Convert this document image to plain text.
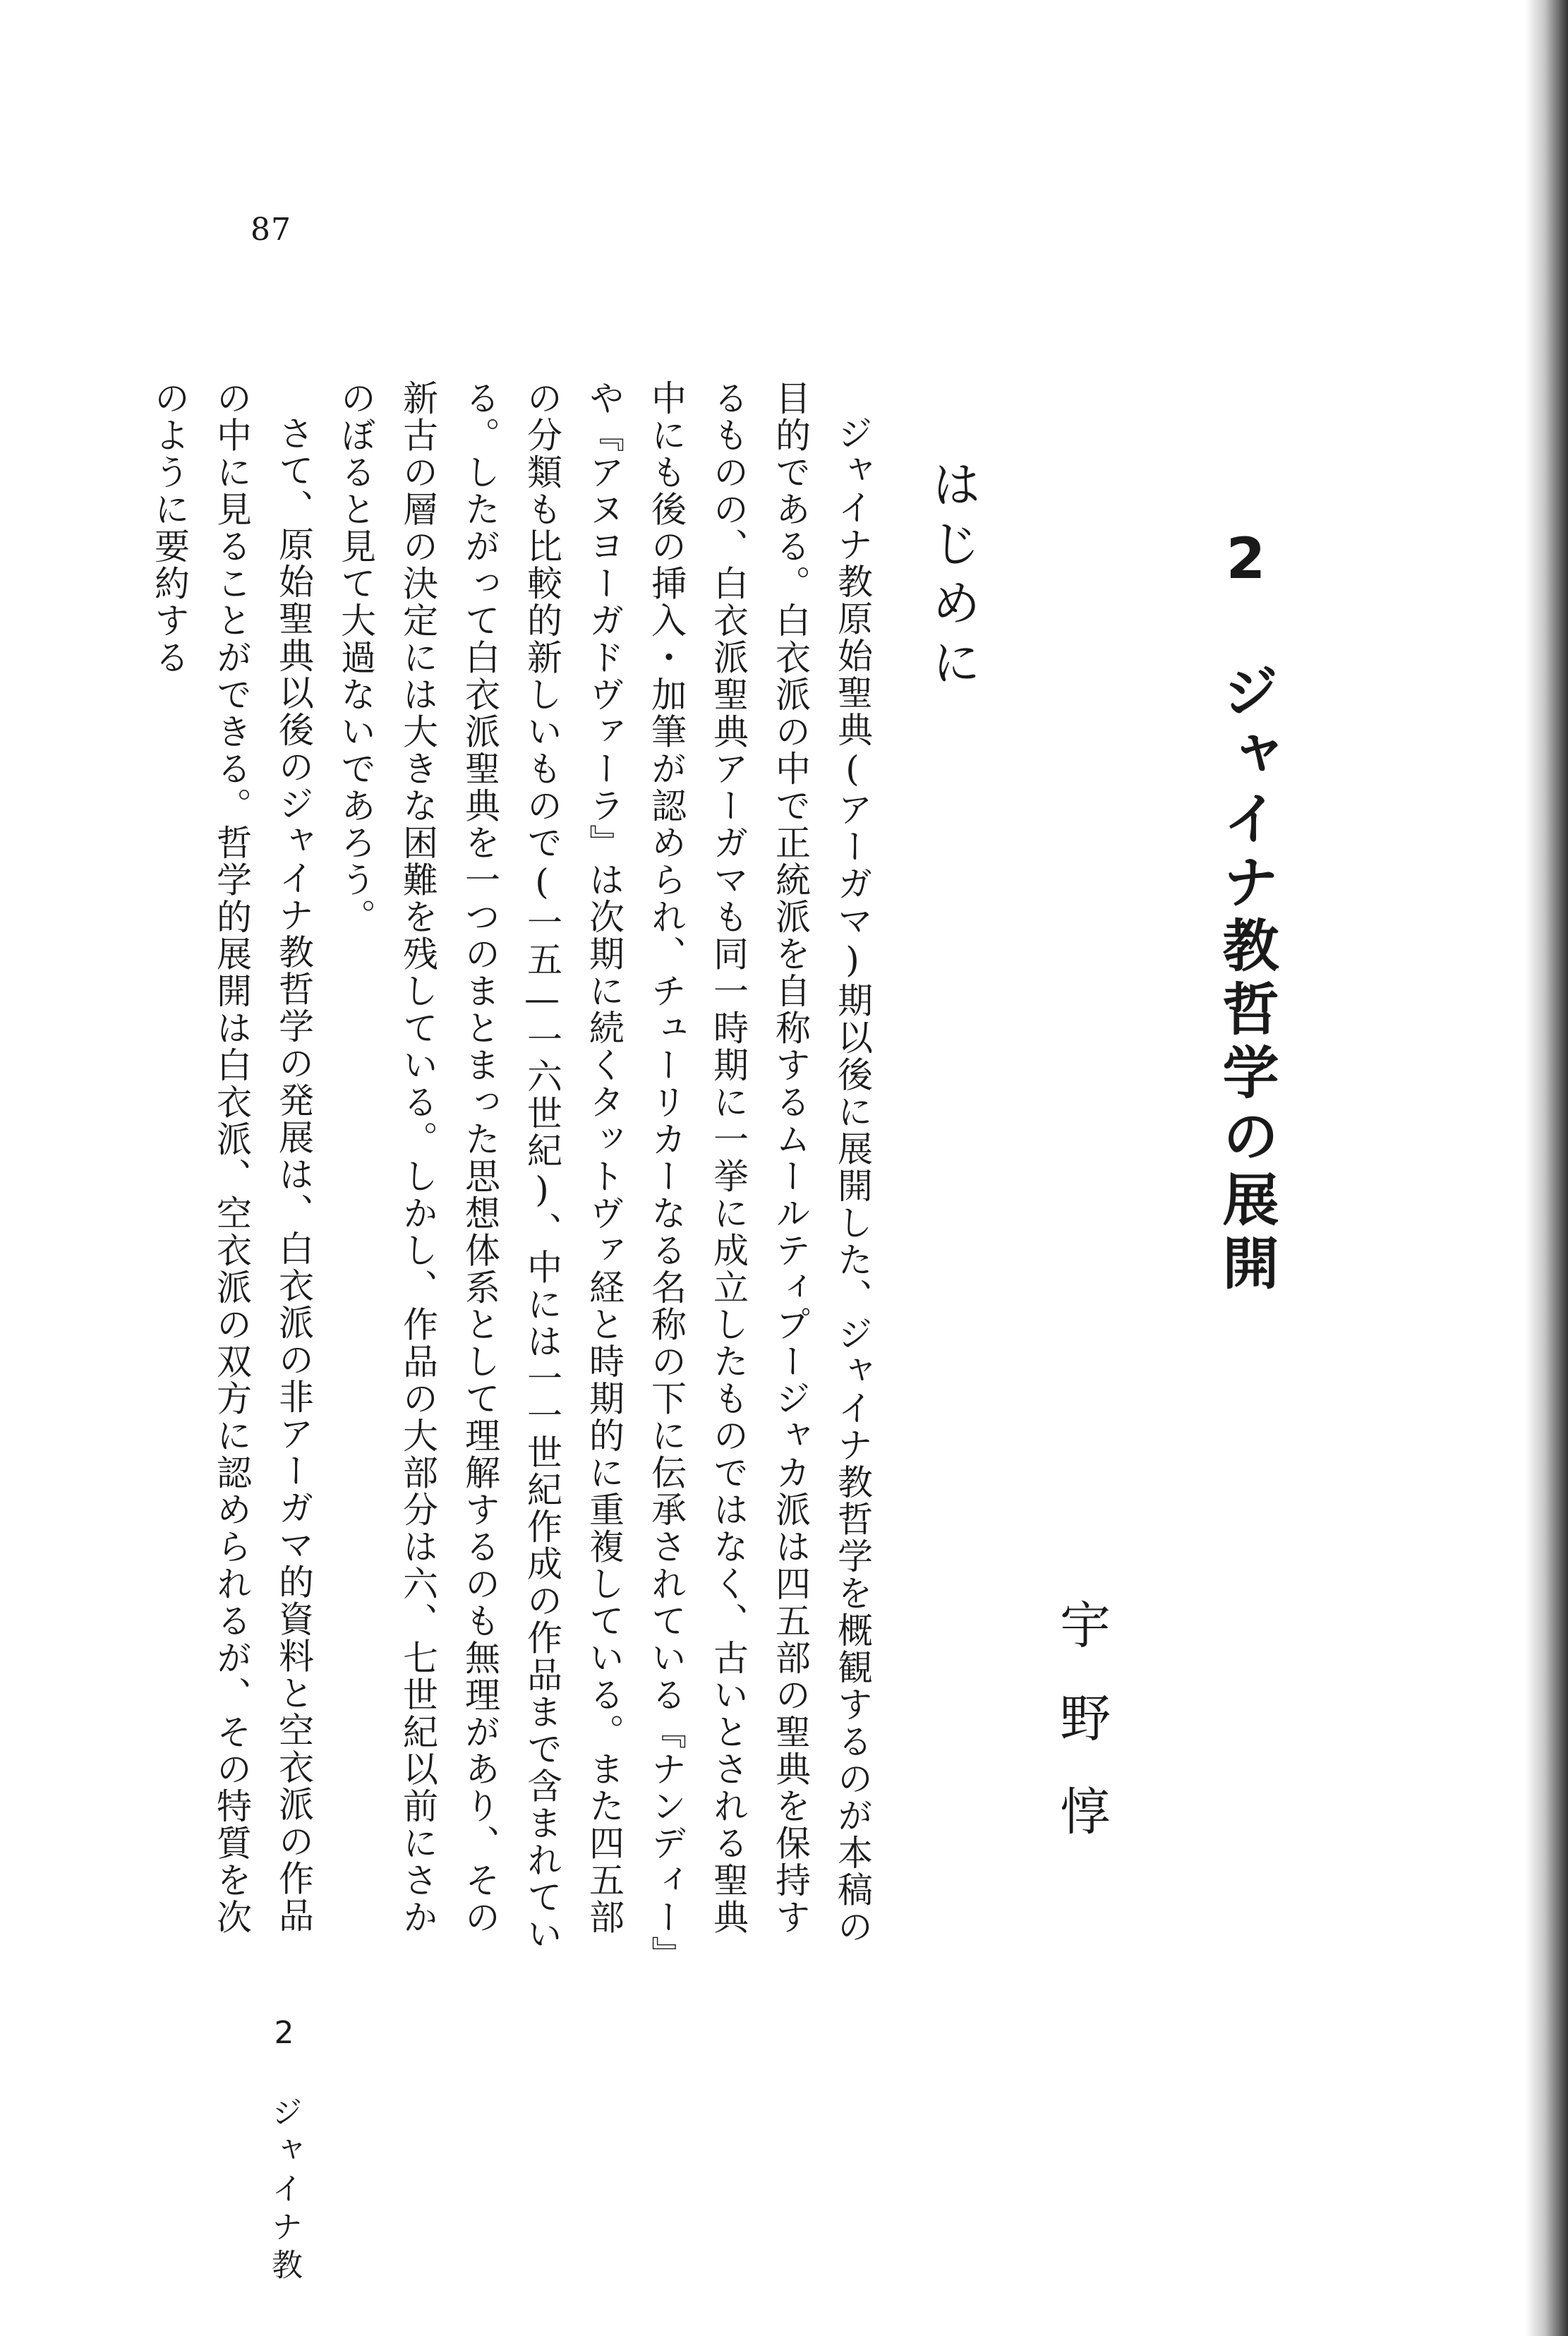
87
2　ジャイナ教哲学の展開
宇野惇
はじめに

ジャイナ教原始聖典(アーガマ)期以後に展開した、ジャイナ教哲学を概観するのが本稿の目的である。白衣派の中で正統派を自称するムールティプージャカ派は四五部の聖典を保持するものの、白衣派聖典アーガマも同一時期に一挙に成立したものではなく、古いとされる聖典中にも後の挿入・加筆が認められ、チューリカーなる名称の下に伝承されている『ナンディー』や『アヌヨーガドヴァーラ』は次期に続くタットヴァ経と時期的に重複している。また四五部の分類も比較的新しいもので(一五—一六世紀)、中には一一世紀作成の作品まで含まれている。したがって白衣派聖典を一つのまとまった思想体系として理解するのも無理があり、その新古の層の決定には大きな困難を残している。しかし、作品の大部分は六、七世紀以前にさかのぼると見て大過ないであろう。

さて、原始聖典以後のジャイナ教哲学の発展は、白衣派の非アーガマ的資料と空衣派の作品の中に見ることができる。哲学的展開は白衣派、空衣派の双方に認められるが、その特質を次のように要約する

2　ジャイナ教
